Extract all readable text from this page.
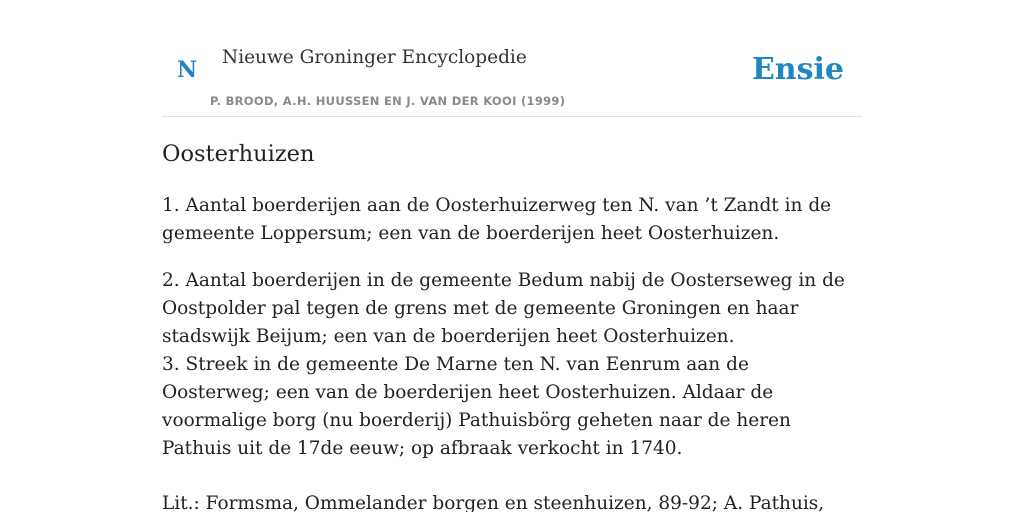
N Nieuwe Groninger Encyclopedie
P. BROOD, A.H. HUUSSEN EN J. VAN DER KOOI (1999)
Ensie
Oosterhuizen

1. Aantal boerderijen aan de Oosterhuizerweg ten N. van ’t Zandt in de gemeente Loppersum; een van de boerderijen heet Oosterhuizen.

2. Aantal boerderijen in de gemeente Bedum nabij de Oosterseweg in de Oostpolder pal tegen de grens met de gemeente Groningen en haar stadswijk Beijum; een van de boerderijen heet Oosterhuizen.

3. Streek in de gemeente De Marne ten N. van Eenrum aan de Oosterweg; een van de boerderijen heet Oosterhuizen. Aldaar de voormalige borg (nu boerderij) Pathuisbörg geheten naar de heren Pathuis uit de 17de eeuw; op afbraak verkocht in 1740.

Lit.: Formsma, Ommelander borgen en steenhuizen, 89-92; A. Pathuis,
